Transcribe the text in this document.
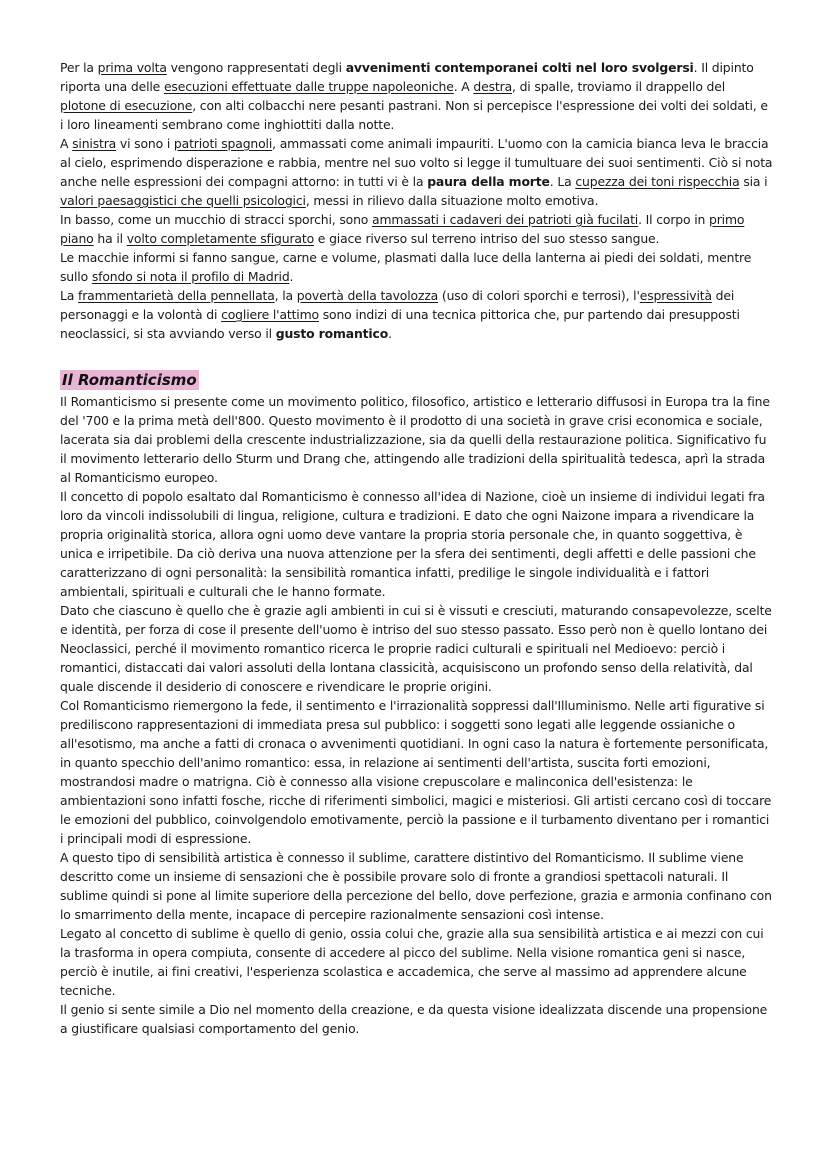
Per la prima volta vengono rappresentati degli avvenimenti contemporanei colti nel loro svolgersi. Il dipinto riporta una delle esecuzioni effettuate dalle truppe napoleoniche. A destra, di spalle, troviamo il drappello del plotone di esecuzione, con alti colbacchi nere pesanti pastrani. Non si percepisce l'espressione dei volti dei soldati, e i loro lineamenti sembrano come inghiottiti dalla notte.

A sinistra vi sono i patrioti spagnoli, ammassati come animali impauriti. L'uomo con la camicia bianca leva le braccia al cielo, esprimendo disperazione e rabbia, mentre nel suo volto si legge il tumultuare dei suoi sentimenti. Ciò si nota anche nelle espressioni dei compagni attorno: in tutti vi è la paura della morte. La cupezza dei toni rispecchia sia i valori paesaggistici che quelli psicologici, messi in rilievo dalla situazione molto emotiva.

In basso, come un mucchio di stracci sporchi, sono ammassati i cadaveri dei patrioti già fucilati. Il corpo in primo piano ha il volto completamente sfigurato e giace riverso sul terreno intriso del suo stesso sangue.

Le macchie informi si fanno sangue, carne e volume, plasmati dalla luce della lanterna ai piedi dei soldati, mentre sullo sfondo si nota il profilo di Madrid.

La frammentarietà della pennellata, la povertà della tavolozza (uso di colori sporchi e terrosi), l'espressività dei personaggi e la volontà di cogliere l'attimo sono indizi di una tecnica pittorica che, pur partendo dai presupposti neoclassici, si sta avviando verso il gusto romantico.

Il Romanticismo

Il Romanticismo si presente come un movimento politico, filosofico, artistico e letterario diffusosi in Europa tra la fine del '700 e la prima metà dell'800. Questo movimento è il prodotto di una società in grave crisi economica e sociale, lacerata sia dai problemi della crescente industrializzazione, sia da quelli della restaurazione politica. Significativo fu il movimento letterario dello Sturm und Drang che, attingendo alle tradizioni della spiritualità tedesca, aprì la strada al Romanticismo europeo.

Il concetto di popolo esaltato dal Romanticismo è connesso all'idea di Nazione, cioè un insieme di individui legati fra loro da vincoli indissolubili di lingua, religione, cultura e tradizioni. E dato che ogni Naizone impara a rivendicare la propria originalità storica, allora ogni uomo deve vantare la propria storia personale che, in quanto soggettiva, è unica e irripetibile. Da ciò deriva una nuova attenzione per la sfera dei sentimenti, degli affetti e delle passioni che caratterizzano di ogni personalità: la sensibilità romantica infatti, predilige le singole individualità e i fattori ambientali, spirituali e culturali che le hanno formate.

Dato che ciascuno è quello che è grazie agli ambienti in cui si è vissuti e cresciuti, maturando consapevolezze, scelte e identità, per forza di cose il presente dell'uomo è intriso del suo stesso passato. Esso però non è quello lontano dei Neoclassici, perché il movimento romantico ricerca le proprie radici culturali e spirituali nel Medioevo: perciò i romantici, distaccati dai valori assoluti della lontana classicità, acquisiscono un profondo senso della relatività, dal quale discende il desiderio di conoscere e rivendicare le proprie origini.

Col Romanticismo riemergono la fede, il sentimento e l'irrazionalità soppressi dall'Illuminismo. Nelle arti figurative si prediliscono rappresentazioni di immediata presa sul pubblico: i soggetti sono legati alle leggende ossianiche o all'esotismo, ma anche a fatti di cronaca o avvenimenti quotidiani. In ogni caso la natura è fortemente personificata, in quanto specchio dell'animo romantico: essa, in relazione ai sentimenti dell'artista, suscita forti emozioni, mostrandosi madre o matrigna. Ciò è connesso alla visione crepuscolare e malinconica dell'esistenza: le ambientazioni sono infatti fosche, ricche di riferimenti simbolici, magici e misteriosi. Gli artisti cercano così di toccare le emozioni del pubblico, coinvolgendolo emotivamente, perciò la passione e il turbamento diventano per i romantici i principali modi di espressione.

A questo tipo di sensibilità artistica è connesso il sublime, carattere distintivo del Romanticismo. Il sublime viene descritto come un insieme di sensazioni che è possibile provare solo di fronte a grandiosi spettacoli naturali. Il sublime quindi si pone al limite superiore della percezione del bello, dove perfezione, grazia e armonia confinano con lo smarrimento della mente, incapace di percepire razionalmente sensazioni così intense.

Legato al concetto di sublime è quello di genio, ossia colui che, grazie alla sua sensibilità artistica e ai mezzi con cui la trasforma in opera compiuta, consente di accedere al picco del sublime. Nella visione romantica geni si nasce, perciò è inutile, ai fini creativi, l'esperienza scolastica e accademica, che serve al massimo ad apprendere alcune tecniche.

Il genio si sente simile a Dio nel momento della creazione, e da questa visione idealizzata discende una propensione a giustificare qualsiasi comportamento del genio.
